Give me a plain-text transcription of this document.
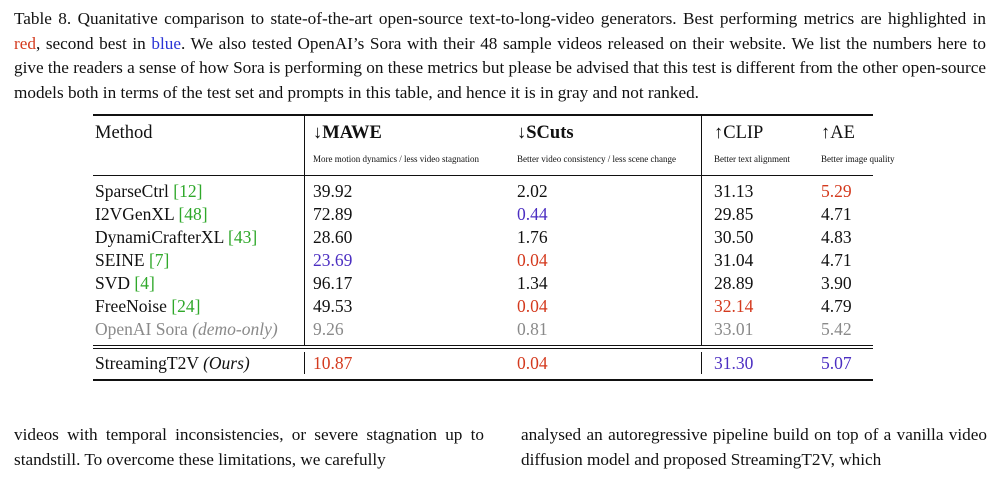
Table 8. Quanitative comparison to state-of-the-art open-source text-to-long-video generators. Best performing metrics are highlighted in red, second best in blue. We also tested OpenAI’s Sora with their 48 sample videos released on their website. We list the numbers here to give the readers a sense of how Sora is performing on these metrics but please be advised that this test is different from the other open-source models both in terms of the test set and prompts in this table, and hence it is in gray and not ranked.
Method	↓MAWE	↓SCuts	↑CLIP	↑AE
More motion dynamics / less video stagnation	Better video consistency / less scene change	Better text alignment	Better image quality
SparseCtrl [12]	39.92	2.02	31.13	5.29
I2VGenXL [48]	72.89	0.44	29.85	4.71
DynamiCrafterXL [43]	28.60	1.76	30.50	4.83
SEINE [7]	23.69	0.04	31.04	4.71
SVD [4]	96.17	1.34	28.89	3.90
FreeNoise [24]	49.53	0.04	32.14	4.79
OpenAI Sora (demo-only) 9.26	0.81	33.01	5.42
StreamingT2V (Ours)	10.87	0.04	31.30	5.07
videos with temporal inconsistencies, or severe stagnation up to standstill. To overcome these limitations, we carefully
analysed an autoregressive pipeline build on top of a vanilla video diffusion model and proposed StreamingT2V, which
